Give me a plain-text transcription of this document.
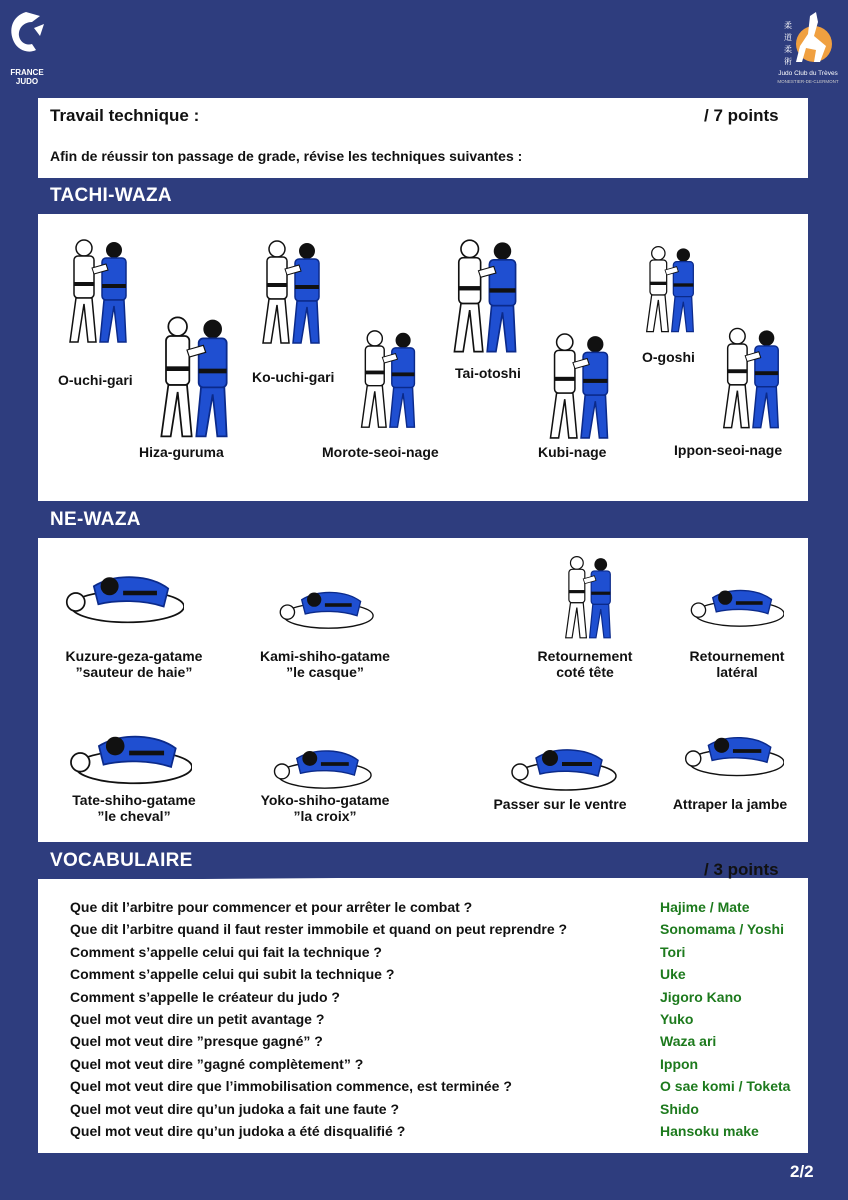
FRANCE JUDO
柔
道
柔
術
Judo Club du Trèves
MONESTIER-DE-CLERMONT
Travail technique :	/ 7 points
Afin de réussir ton passage de grade, révise les techniques suivantes :
TACHI-WAZA
NE-WAZA
VOCABULAIRE	/ 3 points
O-uchi-gari
Hiza-guruma
Ko-uchi-gari
Morote-seoi-nage
Tai-otoshi
Kubi-nage
O-goshi
Ippon-seoi-nage
Kuzure-geza-gatame
”sauteur de haie”
Kami-shiho-gatame
”le casque”
Retournement
coté tête
Retournement
latéral
Tate-shiho-gatame
”le cheval”
Yoko-shiho-gatame
”la croix”
Passer sur le ventre	Attraper la jambe
Que dit l’arbitre pour commencer et pour arrêter le combat ?	Hajime / Mate
Que dit l’arbitre quand il faut rester immobile et quand on peut reprendre ?	Sonomama / Yoshi
Comment s’appelle celui qui fait la technique ?	Tori
Comment s’appelle celui qui subit la technique ?	Uke
Comment s’appelle le créateur du judo ?	Jigoro Kano
Quel mot veut dire un petit avantage ?	Yuko
Quel mot veut dire ”presque gagné” ?	Waza ari
Quel mot veut dire ”gagné complètement” ?	Ippon
Quel mot veut dire que l’immobilisation commence, est terminée ?	O sae komi / Toketa
Quel mot veut dire qu’un judoka a fait une faute ?	Shido
Quel mot veut dire qu’un judoka a été disqualifié ?	Hansoku make
2/2
